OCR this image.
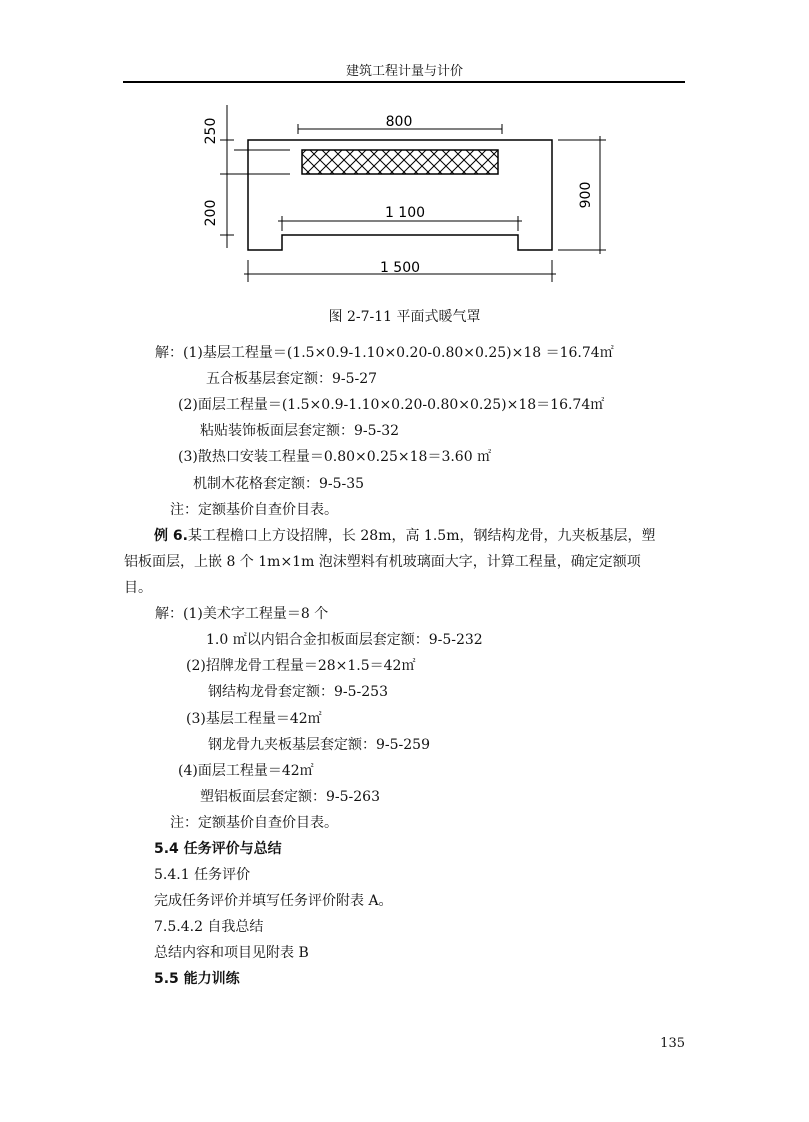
建筑工程计量与计价
250
200
800
1 100
1 500
900
图 2-7-11 平面式暖气罩
解：(1)基层工程量＝(1.5×0.9-1.10×0.20-0.80×0.25)×18 ＝16.74㎡
五合板基层套定额：9-5-27
(2)面层工程量＝(1.5×0.9-1.10×0.20-0.80×0.25)×18＝16.74㎡
粘贴装饰板面层套定额：9-5-32
(3)散热口安装工程量＝0.80×0.25×18＝3.60 ㎡
机制木花格套定额：9-5-35
注：定额基价自查价目表。
例 6.某工程檐口上方设招牌，长 28m，高 1.5m，钢结构龙骨，九夹板基层，塑
铝板面层，上嵌 8 个 1m×1m 泡沫塑料有机玻璃面大字，计算工程量，确定定额项
目。
解：(1)美术字工程量＝8 个
1.0 ㎡以内铝合金扣板面层套定额：9-5-232
(2)招牌龙骨工程量＝28×1.5＝42㎡
钢结构龙骨套定额：9-5-253
(3)基层工程量＝42㎡
钢龙骨九夹板基层套定额：9-5-259
(4)面层工程量＝42㎡
塑铝板面层套定额：9-5-263
注：定额基价自查价目表。
5.4 任务评价与总结
5.4.1 任务评价
完成任务评价并填写任务评价附表 A。
7.5.4.2 自我总结
总结内容和项目见附表 B
5.5 能力训练
135
